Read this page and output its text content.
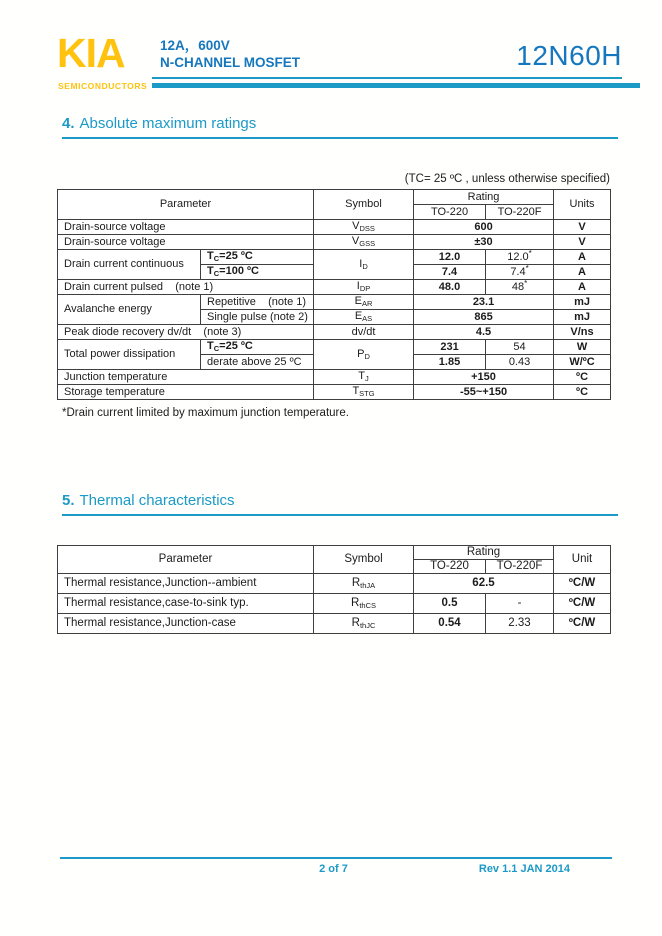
KIA
SEMICONDUCTORS
12A，600V
N-CHANNEL MOSFET	12N60H
4. Absolute maximum ratings
(TC= 25 ºC , unless otherwise specified)
Parameter		Symbol	Rating		Units
			TO-220	TO-220F	
Drain-source voltage		$V_{DSS}$	600		V
Drain-source voltage		$V_{GSS}$	±30		V
Drain current continuous	$T_C=25$ ºC	$I_D$	12.0	12.0*	A
	$T_C=100$ ºC		7.4	7.4*	A
Drain current pulsed    (note 1)		$I_{DP}$	48.0	48*	A
Avalanche energy	Repetitive    (note 1)	$E_{AR}$	23.1		mJ
	Single pulse (note 2)	$E_{AS}$	865		mJ
Peak diode recovery dv/dt    (note 3)		dv/dt	4.5		V/ns
Total power dissipation	$T_C=25$ ºC	$P_D$	231	54	W
	derate above 25 ºC		1.85	0.43	W/ºC
Junction temperature		$T_J$	+150		ºC
Storage temperature		$T_{STG}$	-55~+150		ºC
*Drain current limited by maximum junction temperature.
5. Thermal characteristics
Parameter	Symbol	Rating		Unit
		TO-220	TO-220F	
Thermal resistance,Junction--ambient	$R_{thJA}$	62.5		ºC/W
Thermal resistance,case-to-sink typ.	$R_{thCS}$	0.5	-	ºC/W
Thermal resistance,Junction-case	$R_{thJC}$	0.54	2.33	ºC/W
2 of 7	Rev 1.1 JAN 2014
